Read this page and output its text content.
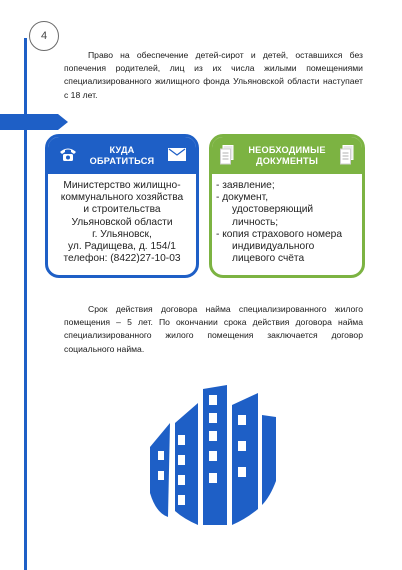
4
Право на обеспечение детей-сирот и детей, оставшихся без попечения родителей, лиц из их числа жилыми помещениями специализированного жилищного фонда Ульяновской области наступает с 18 лет.
КУДА
ОБРАТИТЬСЯ
Министерство жилищно-
коммунального хозяйства
и строительства
Ульяновской области
г. Ульяновск,
ул. Радищева, д. 154/1
телефон: (8422)27-10-03
НЕОБХОДИМЫЕ
ДОКУМЕНТЫ
- заявление;
- документ,
удостоверяющий
личность;
- копия страхового номера
индивидуального
лицевого счёта
Срок действия договора найма специализированного жилого помещения – 5 лет. По окончании срока действия договора найма специализированного жилого помещения заключается договор социального найма.
